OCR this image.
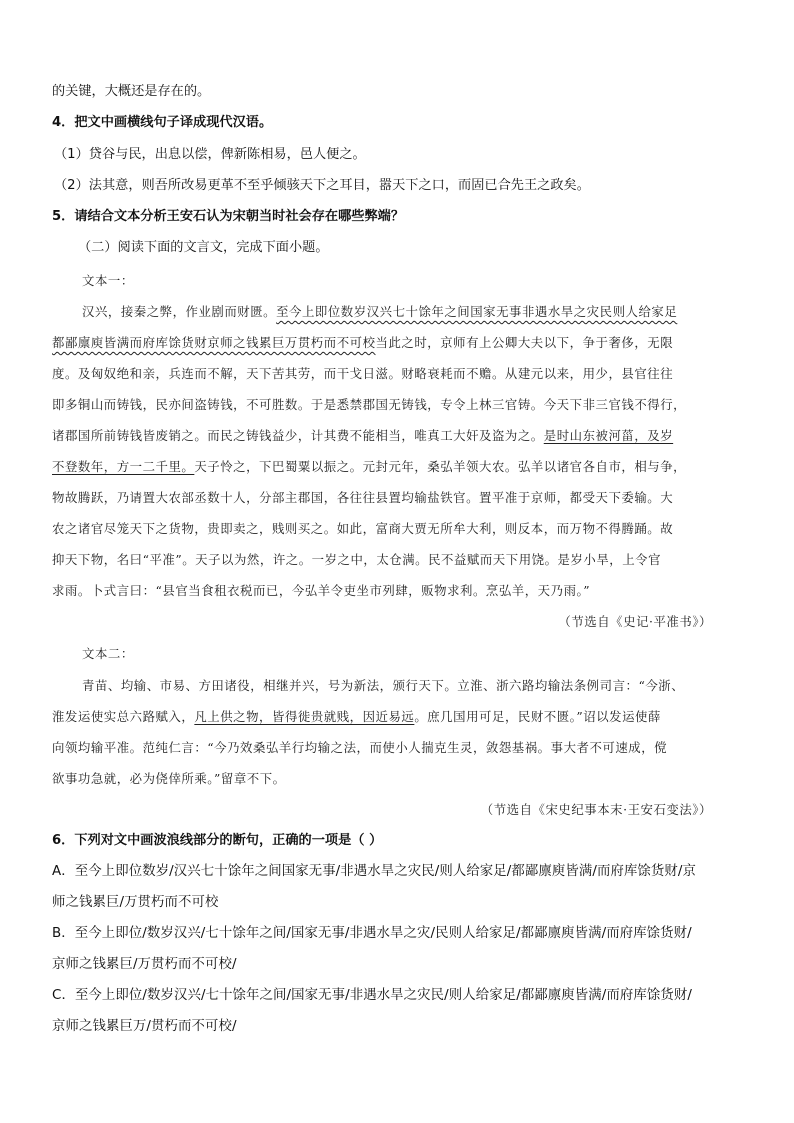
的关键，大概还是存在的。
4．把文中画横线句子译成现代汉语。
（1）贷谷与民，出息以偿，俾新陈相易，邑人便之。
（2）法其意，则吾所改易更革不至乎倾骇天下之耳目，嚣天下之口，而固已合先王之政矣。
5．请结合文本分析王安石认为宋朝当时社会存在哪些弊端？
（二）阅读下面的文言文，完成下面小题。
文本一：
汉兴，接秦之弊，作业剧而财匮。至今上即位数岁汉兴七十馀年之间国家无事非遇水旱之灾民则人给家足
都鄙廪庾皆满而府库馀货财京师之钱累巨万贯朽而不可校当此之时，京师有上公卿大夫以下，争于奢侈，无限
度。及匈奴绝和亲，兵连而不解，天下苦其劳，而干戈日滋。财略衰耗而不赡。从建元以来，用少，县官往往
即多铜山而铸钱，民亦间盗铸钱，不可胜数。于是悉禁郡国无铸钱，专令上林三官铸。今天下非三官钱不得行，
诸郡国所前铸钱皆废销之。而民之铸钱益少，计其费不能相当，唯真工大奸及盗为之。是时山东被河菑，及岁
不登数年，方一二千里。天子怜之，下巴蜀粟以振之。元封元年，桑弘羊领大农。弘羊以诸官各自市，相与争，
物故腾跃，乃请置大农部丞数十人，分部主郡国，各往往县置均输盐铁官。置平准于京师，都受天下委输。大
农之诸官尽笼天下之货物，贵即卖之，贱则买之。如此，富商大贾无所牟大利，则反本，而万物不得腾踊。故
抑天下物，名曰“平准”。天子以为然，许之。一岁之中，太仓满。民不益赋而天下用饶。是岁小旱，上令官
求雨。卜式言曰：“县官当食租衣税而已，今弘羊令吏坐市列肆，贩物求利。烹弘羊，天乃雨。”
（节选自《史记·平准书》）
文本二：
青苗、均输、市易、方田诸役，相继并兴，号为新法，颁行天下。立淮、浙六路均输法条例司言：“今浙、
淮发运使实总六路赋入，凡上供之物，皆得徙贵就贱，因近易远。庶几国用可足，民财不匮。”诏以发运使薛
向领均输平准。范纯仁言：“今乃效桑弘羊行均输之法，而使小人揣克生灵，敛怨基祸。事大者不可速成，傥
欲事功急就，必为侥倖所乘。”留章不下。
（节选自《宋史纪事本末·王安石变法》）
6．下列对文中画波浪线部分的断句，正确的一项是（ ）
A．至今上即位数岁/汉兴七十馀年之间国家无事/非遇水旱之灾民/则人给家足/都鄙廪庾皆满/而府库馀货财/京
师之钱累巨/万贯朽而不可校
B．至今上即位/数岁汉兴/七十馀年之间/国家无事/非遇水旱之灾/民则人给家足/都鄙廪庾皆满/而府库馀货财/
京师之钱累巨/万贯朽而不可校/
C．至今上即位/数岁汉兴/七十馀年之间/国家无事/非遇水旱之灾民/则人给家足/都鄙廪庾皆满/而府库馀货财/
京师之钱累巨万/贯朽而不可校/
